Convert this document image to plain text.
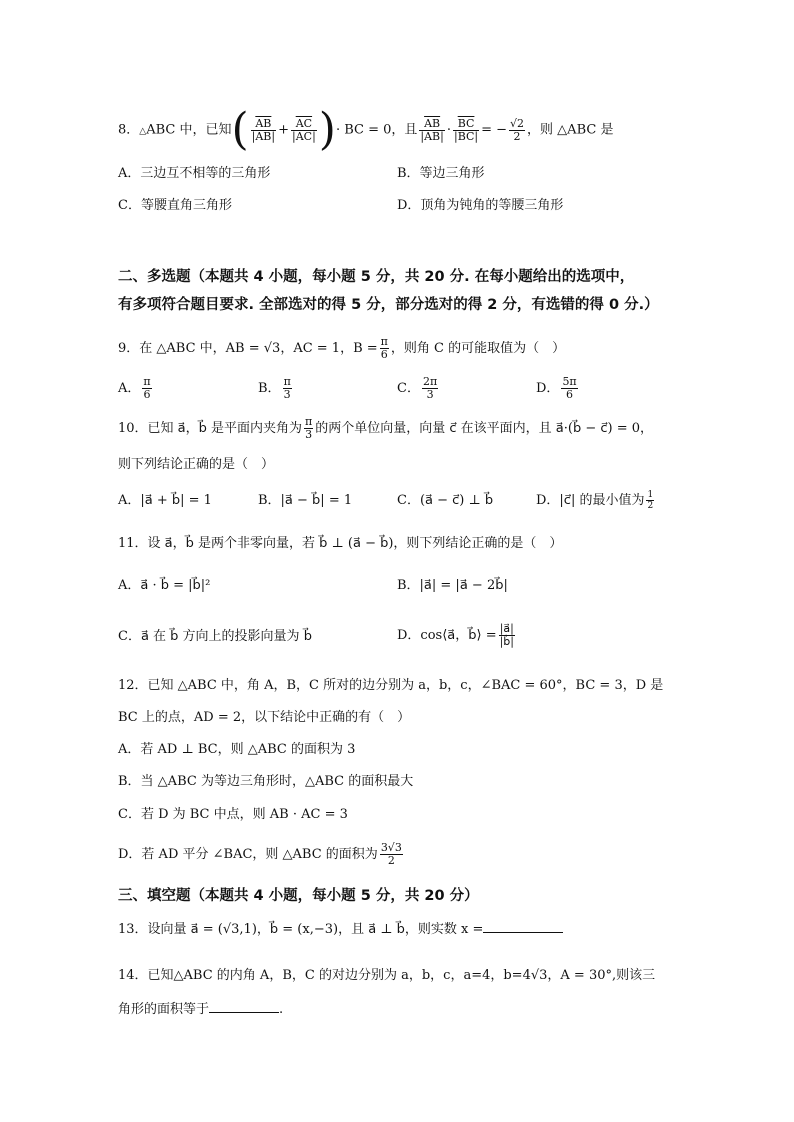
8．△ABC 中，已知( $\frac{\overline{AB}}{|AB|} + \frac{\overline{AC}}{|AC|}$ )· BC = 0，且 $\frac{\overline{AB}}{|AB|} \cdot \frac{\overline{BC}}{|BC|}$ = − $\frac{√2}{2}$ ，则 △ABC 是
A．三边互不相等的三角形	B．等边三角形
C．等腰直角三角形	D．顶角为钝角的等腰三角形
二、多选题（本题共 4 小题，每小题 5 分，共 20 分. 在每小题给出的选项中，
有多项符合题目要求. 全部选对的得 5 分，部分选对的得 2 分，有选错的得 0 分.）
9．在 △ABC 中，AB = √3，AC = 1，$B = \frac{\pi}{6}$ ，则角 C 的可能取值为（　）
A． $\frac{\pi}{6}$	B． $\frac{\pi}{3}$	C． $\frac{2\pi}{3}$	D． $\frac{5\pi}{6}$
10．已知 a⃗，b⃗ 是平面内夹角为 $\frac{\pi}{3}$ 的两个单位向量，向量 c⃗ 在该平面内，且 a⃗·(b⃗ − c⃗) = 0，
则下列结论正确的是（　）
A．|a⃗ + b⃗| = 1	B．|a⃗ − b⃗| = 1	C．(a⃗ − c⃗) ⊥ b⃗	D．|c⃗| 的最小值为 $\frac{1}{2}$
11．设 a⃗，b⃗ 是两个非零向量，若 b⃗ ⊥ (a⃗ − b⃗)，则下列结论正确的是（　）
A．a⃗ · b⃗ = |b⃗|²	B．|a⃗| = |a⃗ − 2b⃗|
C．a⃗ 在 b⃗ 方向上的投影向量为 b⃗	D．cos⟨a⃗，b⃗⟩ = $\frac{|a⃗|}{|b⃗|}$
12．已知 △ABC 中，角 A，B，C 所对的边分别为 a，b，c，∠BAC = 60°，BC = 3，D 是
BC 上的点，AD = 2，以下结论中正确的有（　）
A．若 AD ⊥ BC，则 △ABC 的面积为 3
B．当 △ABC 为等边三角形时，△ABC 的面积最大
C．若 D 为 BC 中点，则 AB · AC = 3
D．若 AD 平分 ∠BAC，则 △ABC 的面积为 $\frac{3√3}{2}$
三、填空题（本题共 4 小题，每小题 5 分，共 20 分）
13．设向量 a⃗ = (√3,1)，b⃗ = (x,−3)，且 a⃗ ⊥ b⃗，则实数 x =
14．已知△ABC 的内角 A，B，C 的对边分别为 a，b，c，a=4，b=4√3，A = 30°,则该三
角形的面积等于	.
